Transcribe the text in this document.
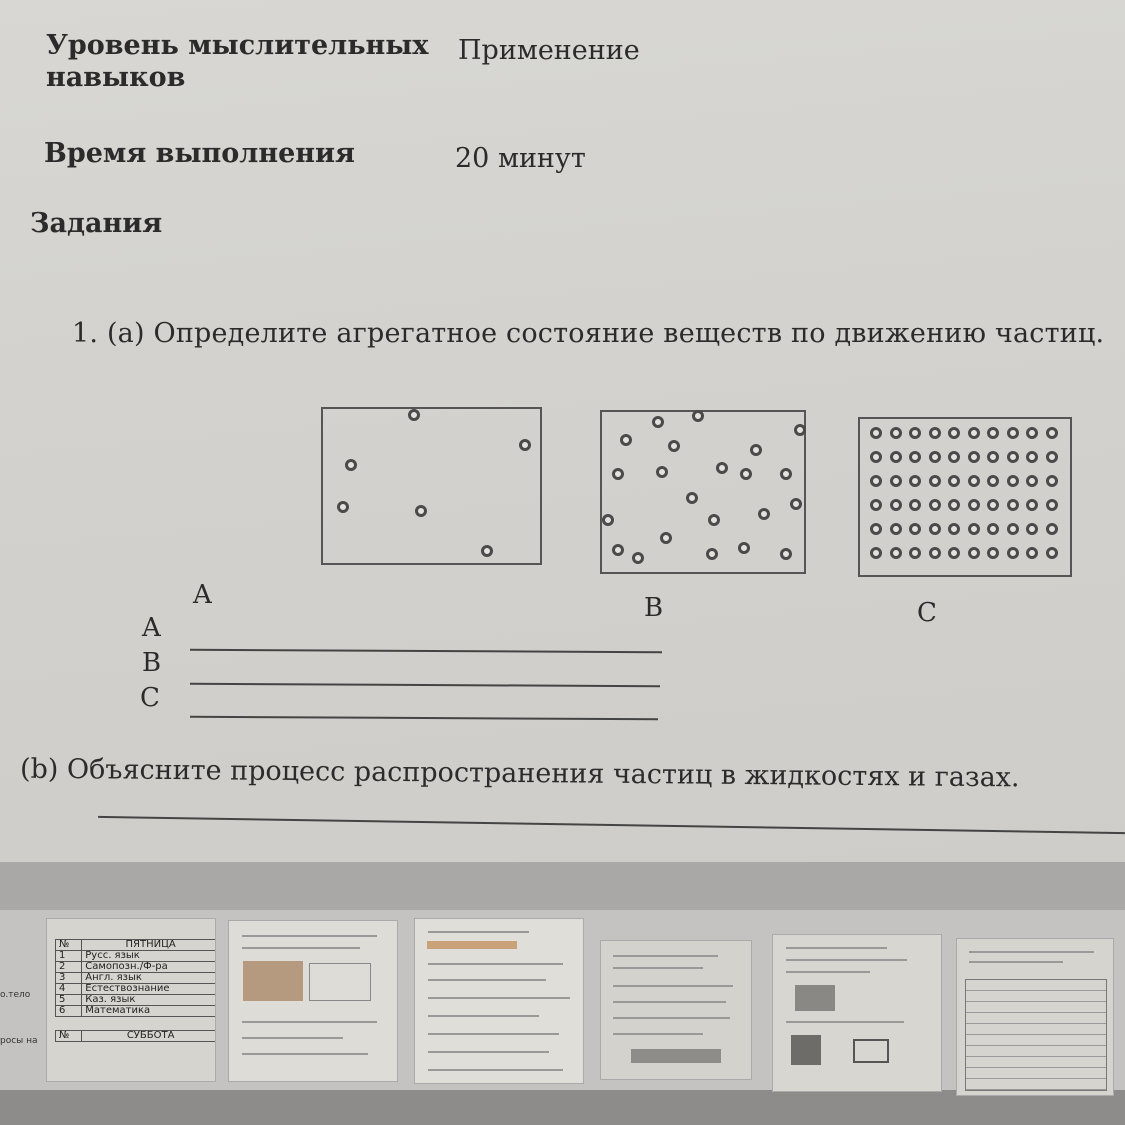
Уровень мыслительных
навыков
Применение
Время выполнения	20 минут
Задания
1. (а) Определите агрегатное состояние веществ по движению частиц.
A	B	C
A
B
C
(b) Объясните процесс распространения частиц в жидкостях и газах.
o.тело
росы на
№	ПЯТНИЦА
1	Русс. язык
2	Самопозн./Ф-ра
3	Англ. язык
4	Естествознание
5	Каз. язык
6	Математика

№	СУББОТА
